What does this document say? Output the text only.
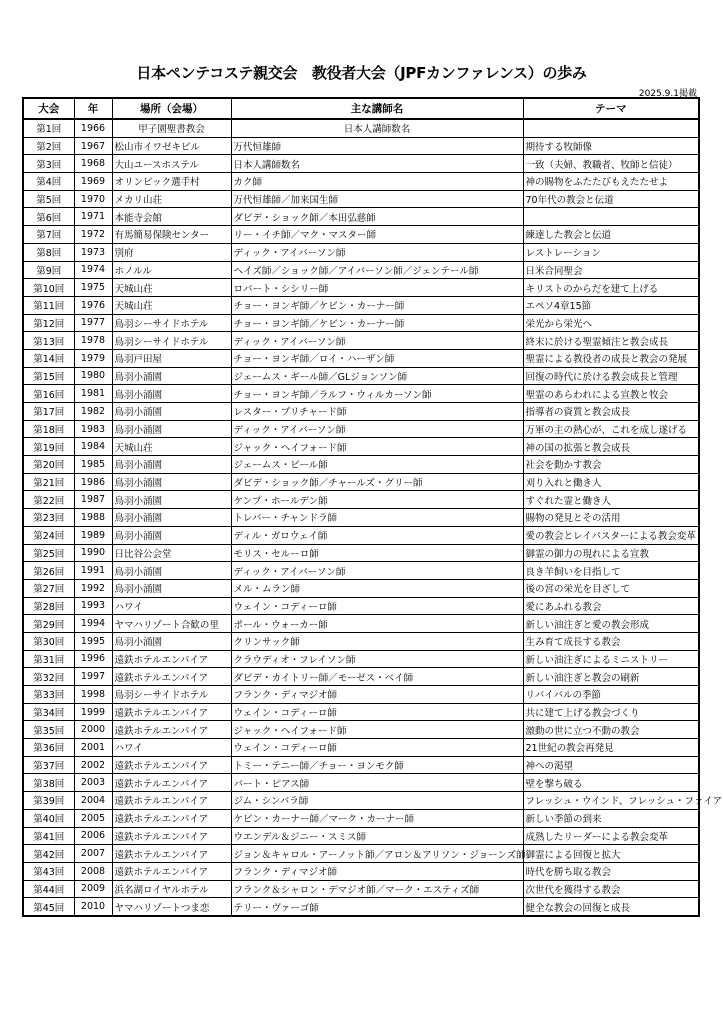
日本ペンテコステ親交会　教役者大会（JPFカンファレンス）の歩み
2025.9.1掲載
大会	年	場所（会場）	主な講師名	テーマ
第1回	1966	甲子園聖書教会	日本人講師数名	
第2回	1967	松山市イワゼキビル	万代恒雄師	期待する牧師像
第3回	1968	大山ユースホステル	日本人講師数名	一致（夫婦、教職者、牧師と信徒）
第4回	1969	オリンピック選手村	カク師	神の賜物をふたたびもえたたせよ
第5回	1970	メカリ山荘	万代恒雄師／加来国生師	70年代の教会と伝道
第6回	1971	本能寺会館	ダビデ・ショック師／本田弘慈師	
第7回	1972	有馬簡易保険センター	リー・イチ師／マク・マスター師	練達した教会と伝道
第8回	1973	別府	ディック・アイバーソン師	レストレーション
第9回	1974	ホノルル	ヘイズ師／ショック師／アイバーソン師／ジェンテール師	日米合同聖会
第10回	1975	天城山荘	ロバート・シシリー師	キリストのからだを建て上げる
第11回	1976	天城山荘	チョー・ヨンギ師／ケビン・カーナー師	エペソ4章15節
第12回	1977	鳥羽シーサイドホテル	チョー・ヨンギ師／ケビン・カーナー師	栄光から栄光へ
第13回	1978	鳥羽シーサイドホテル	ディック・アイバーソン師	終末に於ける聖霊傾注と教会成長
第14回	1979	鳥羽戸田屋	チョー・ヨンギ師／ロイ・ハーザン師	聖霊による教役者の成長と教会の発展
第15回	1980	鳥羽小涌園	ジェームス・ギール師／GLジョンソン師	回復の時代に於ける教会成長と管理
第16回	1981	鳥羽小涌園	チョー・ヨンギ師／ラルフ・ウィルカーソン師	聖霊のあらわれによる宣教と牧会
第17回	1982	鳥羽小涌園	レスター・プリチャード師	指導者の資質と教会成長
第18回	1983	鳥羽小涌園	ディック・アイバーソン師	万軍の主の熱心が、これを成し遂げる
第19回	1984	天城山荘	ジャック・ヘイフォード師	神の国の拡張と教会成長
第20回	1985	鳥羽小涌園	ジェームス・ビール師	社会を動かす教会
第21回	1986	鳥羽小涌園	ダビデ・ショック師／チャールズ・グリー師	刈り入れと働き人
第22回	1987	鳥羽小涌園	ケンプ・ホールデン師	すぐれた霊と働き人
第23回	1988	鳥羽小涌園	トレバー・チャンドラ師	賜物の発見とその活用
第24回	1989	鳥羽小涌園	ディル・ガロウェイ師	愛の教会とレイパスターによる教会変革
第25回	1990	日比谷公会堂	モリス・セルーロ師	御霊の御力の現れによる宣教
第26回	1991	鳥羽小涌園	ディック・アイバーソン師	良き羊飼いを目指して
第27回	1992	鳥羽小涌園	メル・ムラン師	後の宮の栄光を目ざして
第28回	1993	ハワイ	ウェイン・コディーロ師	愛にあふれる教会
第29回	1994	ヤマハリゾート合歓の里	ポール・ウォーカー師	新しい油注ぎと愛の教会形成
第30回	1995	鳥羽小涌園	クリンサック師	生み育て成長する教会
第31回	1996	遠鉄ホテルエンパイア	クラウディオ・フレイソン師	新しい油注ぎによるミニストリー
第32回	1997	遠鉄ホテルエンパイア	ダビデ・カイトリー師／モーゼス・ベイ師	新しい油注ぎと教会の刷新
第33回	1998	鳥羽シーサイドホテル	フランク・ディマジオ師	リバイバルの季節
第34回	1999	遠鉄ホテルエンパイア	ウェイン・コディーロ師	共に建て上げる教会づくり
第35回	2000	遠鉄ホテルエンパイア	ジャック・ヘイフォード師	激動の世に立つ不動の教会
第36回	2001	ハワイ	ウェイン・コディーロ師	21世紀の教会再発見
第37回	2002	遠鉄ホテルエンパイア	トミー・テニー師／チョー・ヨンモク師	神への渇望
第38回	2003	遠鉄ホテルエンパイア	バート・ピアス師	壁を撃ち破る
第39回	2004	遠鉄ホテルエンパイア	ジム・シンバラ師	フレッシュ・ウインド、フレッシュ・ファイア
第40回	2005	遠鉄ホテルエンパイア	ケビン・カーナー師／マーク・カーナー師	新しい季節の到来
第41回	2006	遠鉄ホテルエンパイア	ウエンデル＆ジニー・スミス師	成熟したリーダーによる教会変革
第42回	2007	遠鉄ホテルエンパイア	ジョン＆キャロル・アーノット師／アロン＆アリソン・ジョーンズ師	御霊による回復と拡大
第43回	2008	遠鉄ホテルエンパイア	フランク・ディマジオ師	時代を勝ち取る教会
第44回	2009	浜名湖ロイヤルホテル	フランク＆シャロン・デマジオ師／マーク・エスティズ師	次世代を獲得する教会
第45回	2010	ヤマハリゾートつま恋	テリー・ヴァーゴ師	健全な教会の回復と成長
